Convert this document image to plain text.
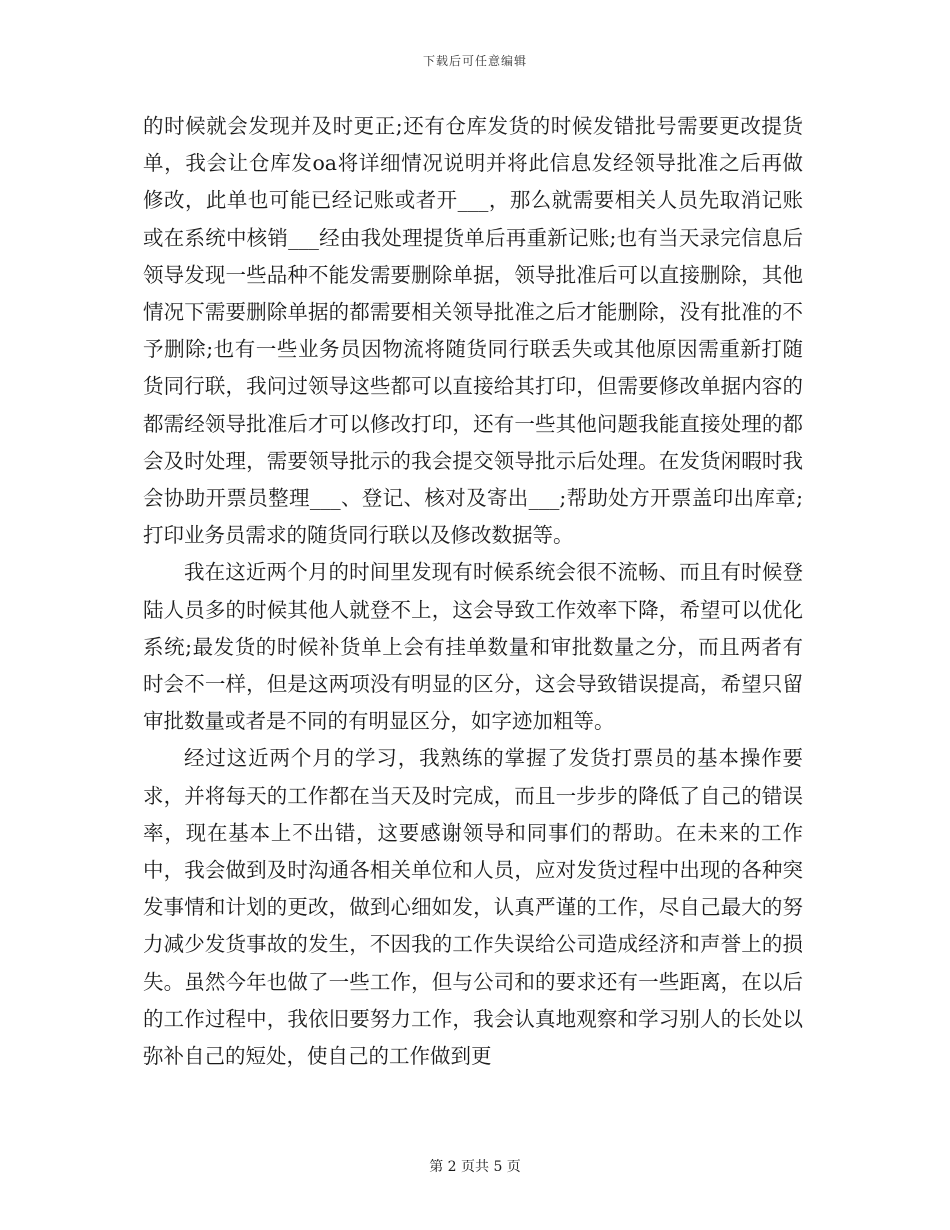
下载后可任意编辑

的时候就会发现并及时更正;还有仓库发货的时候发错批号需要更改提货单，我会让仓库发oa将详细情况说明并将此信息发经领导批准之后再做修改，此单也可能已经记账或者开___，那么就需要相关人员先取消记账或在系统中核销___经由我处理提货单后再重新记账;也有当天录完信息后领导发现一些品种不能发需要删除单据，领导批准后可以直接删除，其他情况下需要删除单据的都需要相关领导批准之后才能删除，没有批准的不予删除;也有一些业务员因物流将随货同行联丢失或其他原因需重新打随货同行联，我问过领导这些都可以直接给其打印，但需要修改单据内容的都需经领导批准后才可以修改打印，还有一些其他问题我能直接处理的都会及时处理，需要领导批示的我会提交领导批示后处理。在发货闲暇时我会协助开票员整理___、登记、核对及寄出___;帮助处方开票盖印出库章;打印业务员需求的随货同行联以及修改数据等。

我在这近两个月的时间里发现有时候系统会很不流畅、而且有时候登陆人员多的时候其他人就登不上，这会导致工作效率下降，希望可以优化系统;最发货的时候补货单上会有挂单数量和审批数量之分，而且两者有时会不一样，但是这两项没有明显的区分，这会导致错误提高，希望只留审批数量或者是不同的有明显区分，如字迹加粗等。

经过这近两个月的学习，我熟练的掌握了发货打票员的基本操作要求，并将每天的工作都在当天及时完成，而且一步步的降低了自己的错误率，现在基本上不出错，这要感谢领导和同事们的帮助。在未来的工作中，我会做到及时沟通各相关单位和人员，应对发货过程中出现的各种突发事情和计划的更改，做到心细如发，认真严谨的工作，尽自己最大的努力减少发货事故的发生，不因我的工作失误给公司造成经济和声誉上的损失。虽然今年也做了一些工作，但与公司和的要求还有一些距离，在以后的工作过程中，我依旧要努力工作，我会认真地观察和学习别人的长处以弥补自己的短处，使自己的工作做到更

第 2 页共 5 页
